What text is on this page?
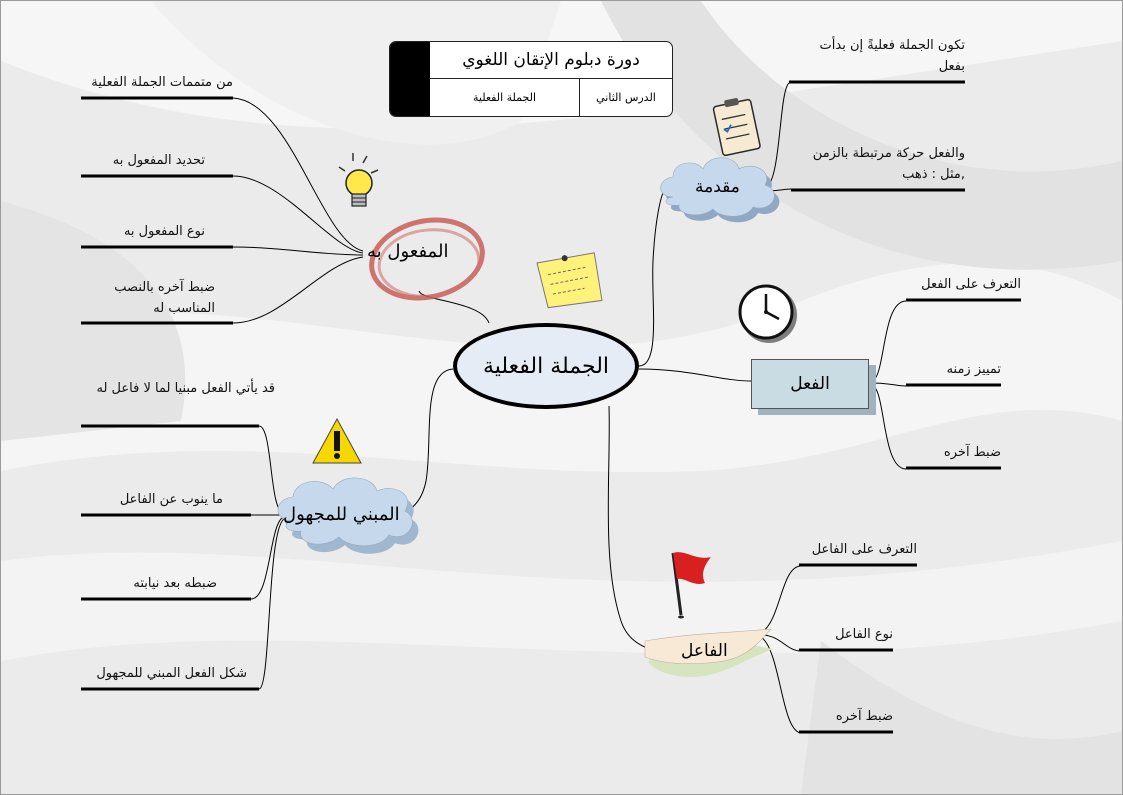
دورة دبلوم الإتقان اللغوي
الدرس الثاني
الجملة الفعلية
الجملة الفعلية
الفعل
مقدمة
المفعول به
المبني للمجهول
الفاعل
تكون الجملة فعليةً إن بدأت بفعل
والفعل حركة مرتبطة بالزمن ,مثل : ذهب
التعرف على الفعل
تمييز زمنه
ضبط آخره
التعرف على الفاعل
نوع الفاعل
ضبط آخره
من متممات الجملة الفعلية
تحديد المفعول به
نوع المفعول به
ضبط آخره بالنصب المناسب له
قد يأتي الفعل مبنيا لما لا فاعل له
ما ينوب عن الفاعل
ضبطه بعد نيابته
شكل الفعل المبني للمجهول
